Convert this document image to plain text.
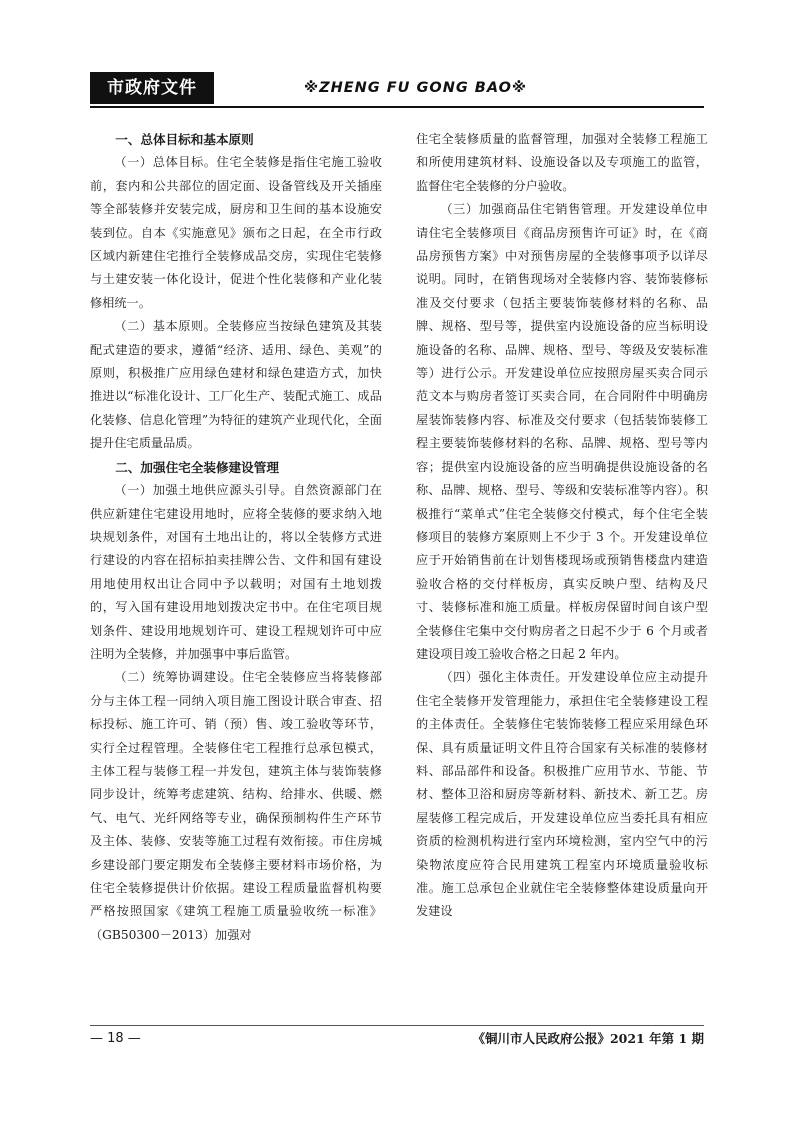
市政府文件	※ZHENG FU GONG BAO※

一、总体目标和基本原则

（一）总体目标。住宅全装修是指住宅施工验收前，套内和公共部位的固定面、设备管线及开关插座等全部装修并安装完成，厨房和卫生间的基本设施安装到位。自本《实施意见》颁布之日起，在全市行政区域内新建住宅推行全装修成品交房，实现住宅装修与土建安装一体化设计，促进个性化装修和产业化装修相统一。

（二）基本原则。全装修应当按绿色建筑及其装配式建造的要求，遵循“经济、适用、绿色、美观”的原则，积极推广应用绿色建材和绿色建造方式，加快推进以“标准化设计、工厂化生产、装配式施工、成品化装修、信息化管理”为特征的建筑产业现代化，全面提升住宅质量品质。

二、加强住宅全装修建设管理

（一）加强土地供应源头引导。自然资源部门在供应新建住宅建设用地时，应将全装修的要求纳入地块规划条件，对国有土地出让的，将以全装修方式进行建设的内容在招标拍卖挂牌公告、文件和国有建设用地使用权出让合同中予以载明；对国有土地划拨的，写入国有建设用地划拨决定书中。在住宅项目规划条件、建设用地规划许可、建设工程规划许可中应注明为全装修，并加强事中事后监管。

（二）统筹协调建设。住宅全装修应当将装修部分与主体工程一同纳入项目施工图设计联合审查、招标投标、施工许可、销（预）售、竣工验收等环节，实行全过程管理。全装修住宅工程推行总承包模式，主体工程与装修工程一并发包，建筑主体与装饰装修同步设计，统筹考虑建筑、结构、给排水、供暖、燃气、电气、光纤网络等专业，确保预制构件生产环节及主体、装修、安装等施工过程有效衔接。市住房城乡建设部门要定期发布全装修主要材料市场价格，为住宅全装修提供计价依据。建设工程质量监督机构要严格按照国家《建筑工程施工质量验收统一标准》（GB50300－2013）加强对

住宅全装修质量的监督管理，加强对全装修工程施工和所使用建筑材料、设施设备以及专项施工的监管，监督住宅全装修的分户验收。

（三）加强商品住宅销售管理。开发建设单位申请住宅全装修项目《商品房预售许可证》时，在《商品房预售方案》中对预售房屋的全装修事项予以详尽说明。同时，在销售现场对全装修内容、装饰装修标准及交付要求（包括主要装饰装修材料的名称、品牌、规格、型号等，提供室内设施设备的应当标明设施设备的名称、品牌、规格、型号、等级及安装标准等）进行公示。开发建设单位应按照房屋买卖合同示范文本与购房者签订买卖合同，在合同附件中明确房屋装饰装修内容、标准及交付要求（包括装饰装修工程主要装饰装修材料的名称、品牌、规格、型号等内容；提供室内设施设备的应当明确提供设施设备的名称、品牌、规格、型号、等级和安装标准等内容）。积极推行“菜单式”住宅全装修交付模式，每个住宅全装修项目的装修方案原则上不少于 3 个。开发建设单位应于开始销售前在计划售楼现场或预销售楼盘内建造验收合格的交付样板房，真实反映户型、结构及尺寸、装修标准和施工质量。样板房保留时间自该户型全装修住宅集中交付购房者之日起不少于 6 个月或者建设项目竣工验收合格之日起 2 年内。

（四）强化主体责任。开发建设单位应主动提升住宅全装修开发管理能力，承担住宅全装修建设工程的主体责任。全装修住宅装饰装修工程应采用绿色环保、具有质量证明文件且符合国家有关标准的装修材料、部品部件和设备。积极推广应用节水、节能、节材、整体卫浴和厨房等新材料、新技术、新工艺。房屋装修工程完成后，开发建设单位应当委托具有相应资质的检测机构进行室内环境检测，室内空气中的污染物浓度应符合民用建筑工程室内环境质量验收标准。施工总承包企业就住宅全装修整体建设质量向开发建设

— 18 —	《铜川市人民政府公报》2021 年第 1 期
